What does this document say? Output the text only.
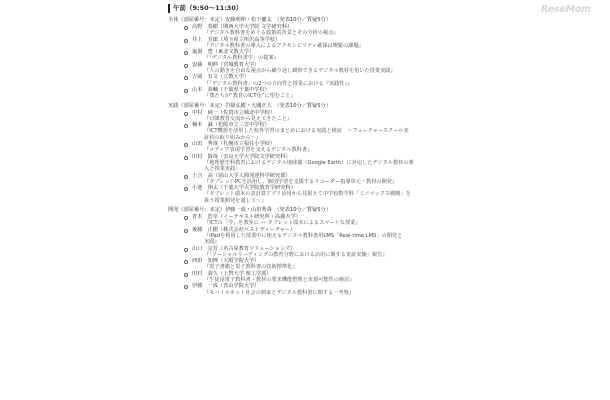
ReseMom
午前（9:50～11:30）
全体（部屋番号：未定）安藤明伸・松下慶太　（発表10分／質疑5分）
高野　春樹（関西大学大学院 文学研究科）
『デジタル教科書をめぐる政策的背景とその分析の視点』
井上　芳郎（埼玉県立所沢高等学校）
『デジタル教科書の導入によるアクセシビリティ確保は喫緊の課題』
嵐塁　豊（東北文教大学）
『「デジタル教科書学」の提案』
安藤　明伸（宮城教育大学）
『人の動きを自由な視点から繰り返し観察できるデジタル教材を用いた授業実践』
吉岡　有文（立教大学）
『「デジタル教科書」の2つの方向性と授業における『実践性』』
山本　恭輔（千葉県千葉中学校）
『僕たちが“教育のICT化”に望むこと』
実践（部屋番号：未定）岩獄弘樹・大國正人　（発表10分／質疑5分）
中村　純一（佐賀市立城北中学校）
『日韓教育交流から見えてきたこと』
楠本　誠（松阪市立三雲中学校）
『ICT機器を活用した校外学習のまとめにおける実践と検証　～フューチャースクール実
証校の取り組みから～』
山田　秀哉（札幌市立福住小学校）
『メディア表現学習を支えるデジタル教科書』
田村　賢哉（奈良大学大学院文学研究科）
『地理歴史科教育におけるデジタル地球儀（Google Earth）に対応したデジタル教材の導
入と授業実践』
土合　高（富山大学人間発達科学研究部）
『タブレットPCを活用し、個別学習を支援するリコーダー指導単元・教材の開発』
小池　翔太（千葉大学大学院教育学研究科）
『タブレット端末の表計算アプリ活用から見据えて中学校数学科「ミニマックス戦略」を
扱う授業開発を通して～』
開発（部屋番号：未定）伊藤一成・山田秀哉　（発表10分／質疑5分）
青木　浩幸（イーテキスト研究所・高麗大学）
『ICTの「今」を教室に ― タブレット端末によるスマートな授業』
後藤　正樹（株式会社ベストディーチャー）
『iPadを利用した授業中に使えるデジタル教科書用LMS「Real-time LMS」の開発と
実践』
山口　宗芳（名古屋教育ソリューションズ）
『「ソーシャルリーディングの教育分野における活用に関する実証実験」報告』
西田　知博（大阪学院大学）
『電子書籍と電子教科書の技術標準化』
田村　恭久（上智大学 理工学部）
『生徒用電子教科書・教材の要求機能整理と実現可能性の検討』
伊藤　一成（青山学院大学）
『モバイルネット社会の到来とデジタル教科書に関する一考察』
